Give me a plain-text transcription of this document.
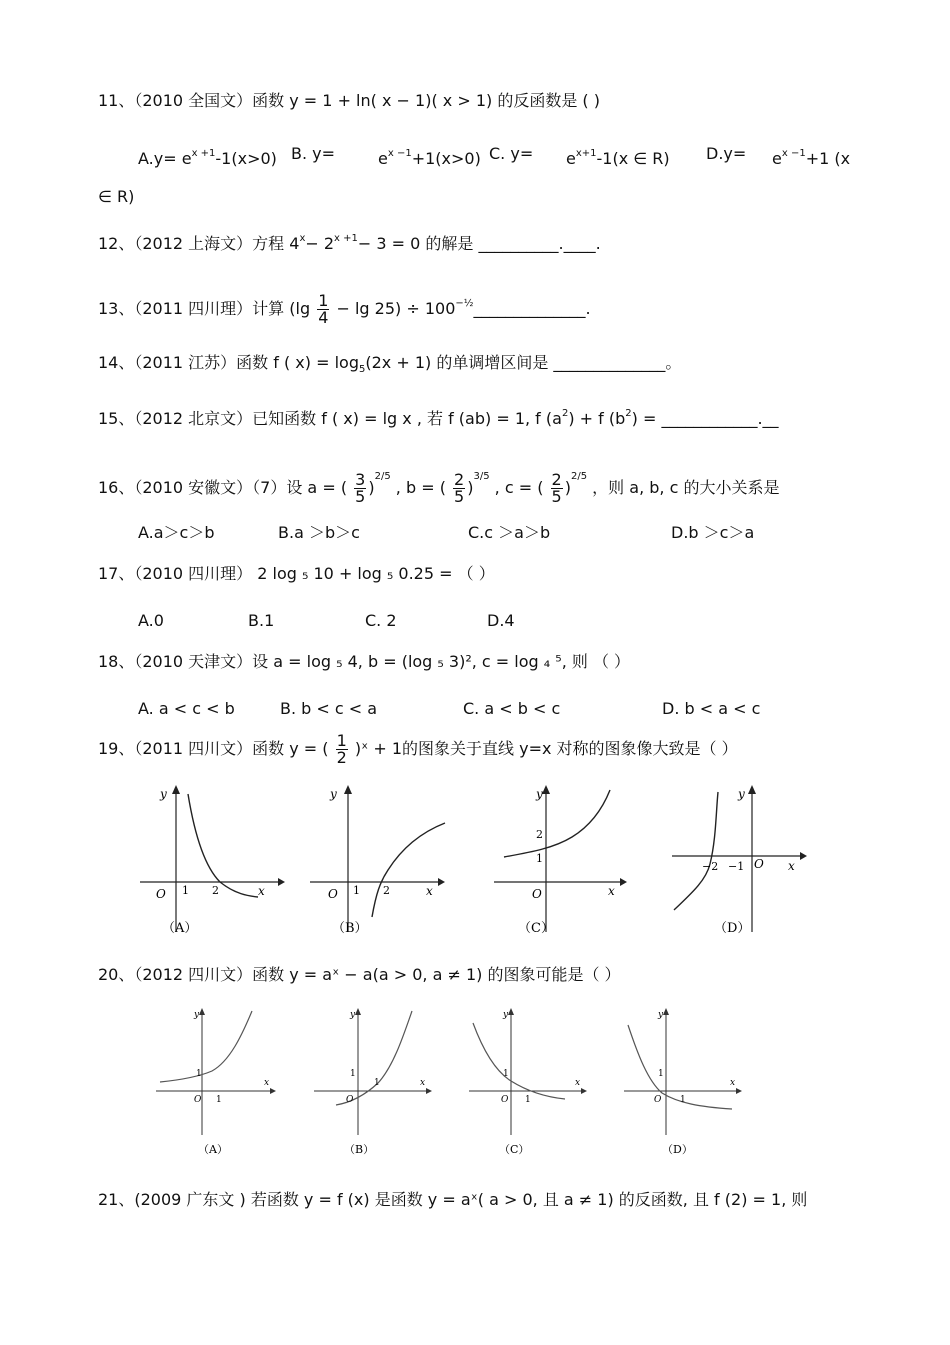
11、（2010 全国文）函数 y = 1 + ln( x − 1)( x > 1) 的反函数是 ( )
$A.y= e^{x +1}-1(x>0)$ B. y=	$e^{x -1}+1(x>0)$ C. $y= e^{x+1}-1(x$ ∈ R) $D.y= e^{x -1}+1$ (x
∈ R)
12、（2012 上海文）方程 4x− 2x +1− 3 = 0 的解是 __________.____.
13、（2011 四川理）计算 $(\lg \frac{1}{4} - \lg 25)$ ÷ 100−½______________.
14、（2011 江苏）函数 f ( x) = log5(2x + 1) 的单调增区间是 ______________。
15、（2012 北京文）已知函数 f ( x) = lg x , 若 f (ab) = 1, f (a2) + f (b2) = ____________.__
16、（2010 安徽文）（7）设 a = ( $\frac{3}{5} )2/5$ , b = ( $\frac{2}{5} )3/5$ , c = ( $\frac{2}{5} )2/5$ ，则 a, b, c 的大小关系是
A.a＞c＞b	B.a ＞b＞c	C.c ＞a＞b	D.b ＞c＞a
17、（2010 四川理） 2 log ₅ 10 + log ₅ 0.25 = （ ）
A.0	B.1	C. 2	D.4
18、（2010 天津文）设 a = log ₅ 4, b = (log ₅ 3)², c = log ₄ ⁵, 则 （ ）
A. a < c < b	B. b < c < a	C. a < b < c	D. b < a < c
19、（2011 四川文）函数 y = ( $\frac{1}{2}$ )ˣ + 1的图象关于直线 y=x 对称的图象像大致是（ ）
y
x
O 1 2
（A）
y
x
O 1 2
（B）
y
x
O
1
2
（C）
y
x
O
−2 −1
（D）
20、（2012 四川文）函数 y = aˣ − a(a > 0, a ≠ 1) 的图象可能是（ ）
y
x
O
1
1
（A）
y
x
O
1
1
（B）
y
x
O
1
1
（C）
y
x
O
1
1
（D）
21、(2009 广东文 ) 若函数 y = f (x) 是函数 y = aˣ( a > 0, 且 a ≠ 1) 的反函数, 且 f (2) = 1, 则
